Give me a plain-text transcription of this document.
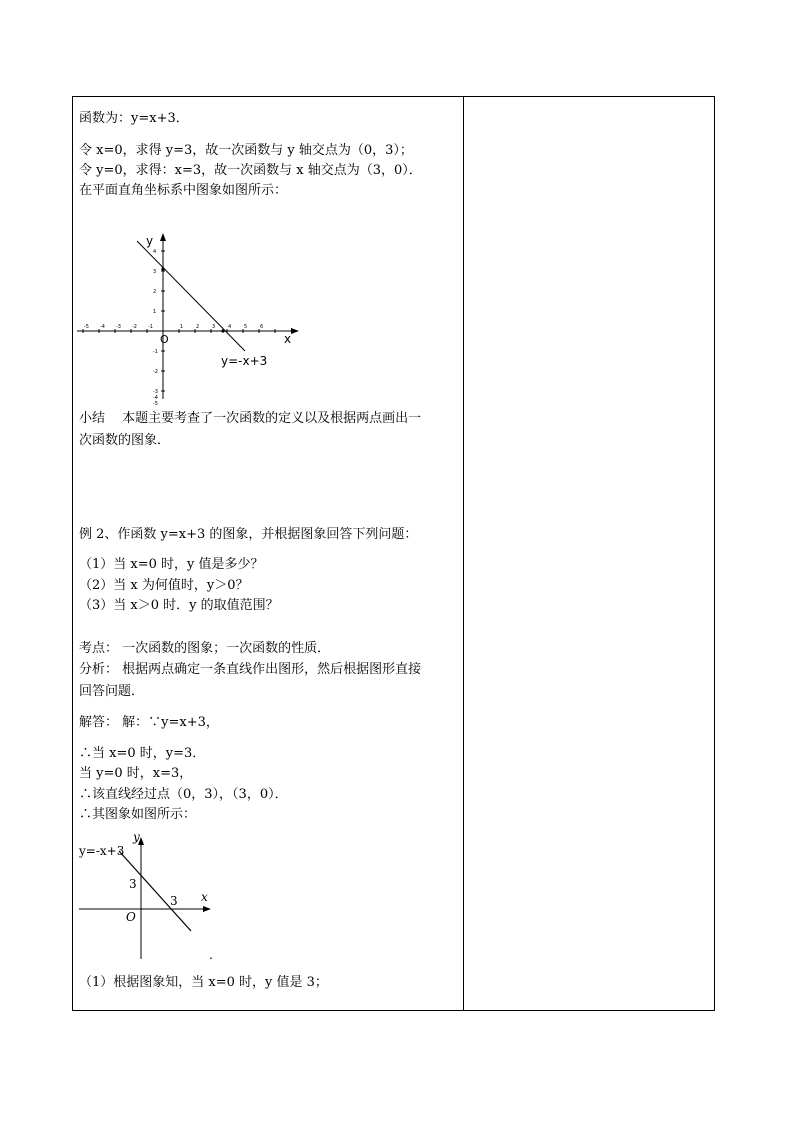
函数为：y=x+3．
令 x=0，求得 y=3，故一次函数与 y 轴交点为（0，3）；
令 y=0，求得：x=3，故一次函数与 x 轴交点为（3，0）．
在平面直角坐标系中图象如图所示：
-5 -4 -3 -2 -1	1	2	3	4	5	6
4
3
2
1
-1
-2
-3
-4
-5
y
x
O
y=-x+3
小结　 本题主要考查了一次函数的定义以及根据两点画出一
次函数的图象．
例 2、作函数 y=x+3 的图象，并根据图象回答下列问题：
（1）当 x=0 时，y 值是多少？
（2）当 x 为何值时，y＞0？
（3）当 x＞0 时．y 的取值范围？
考点： 一次函数的图象；一次函数的性质．
分析： 根据两点确定一条直线作出图形，然后根据图形直接
回答问题．
解答： 解：∵y=x+3，
∴当 x=0 时，y=3．
当 y=0 时，x=3，
∴该直线经过点（0，3），（3，0）．
∴其图象如图所示：
y=-x+3
y
x
3
3
O
.
（1）根据图象知，当 x=0 时，y 值是 3；
